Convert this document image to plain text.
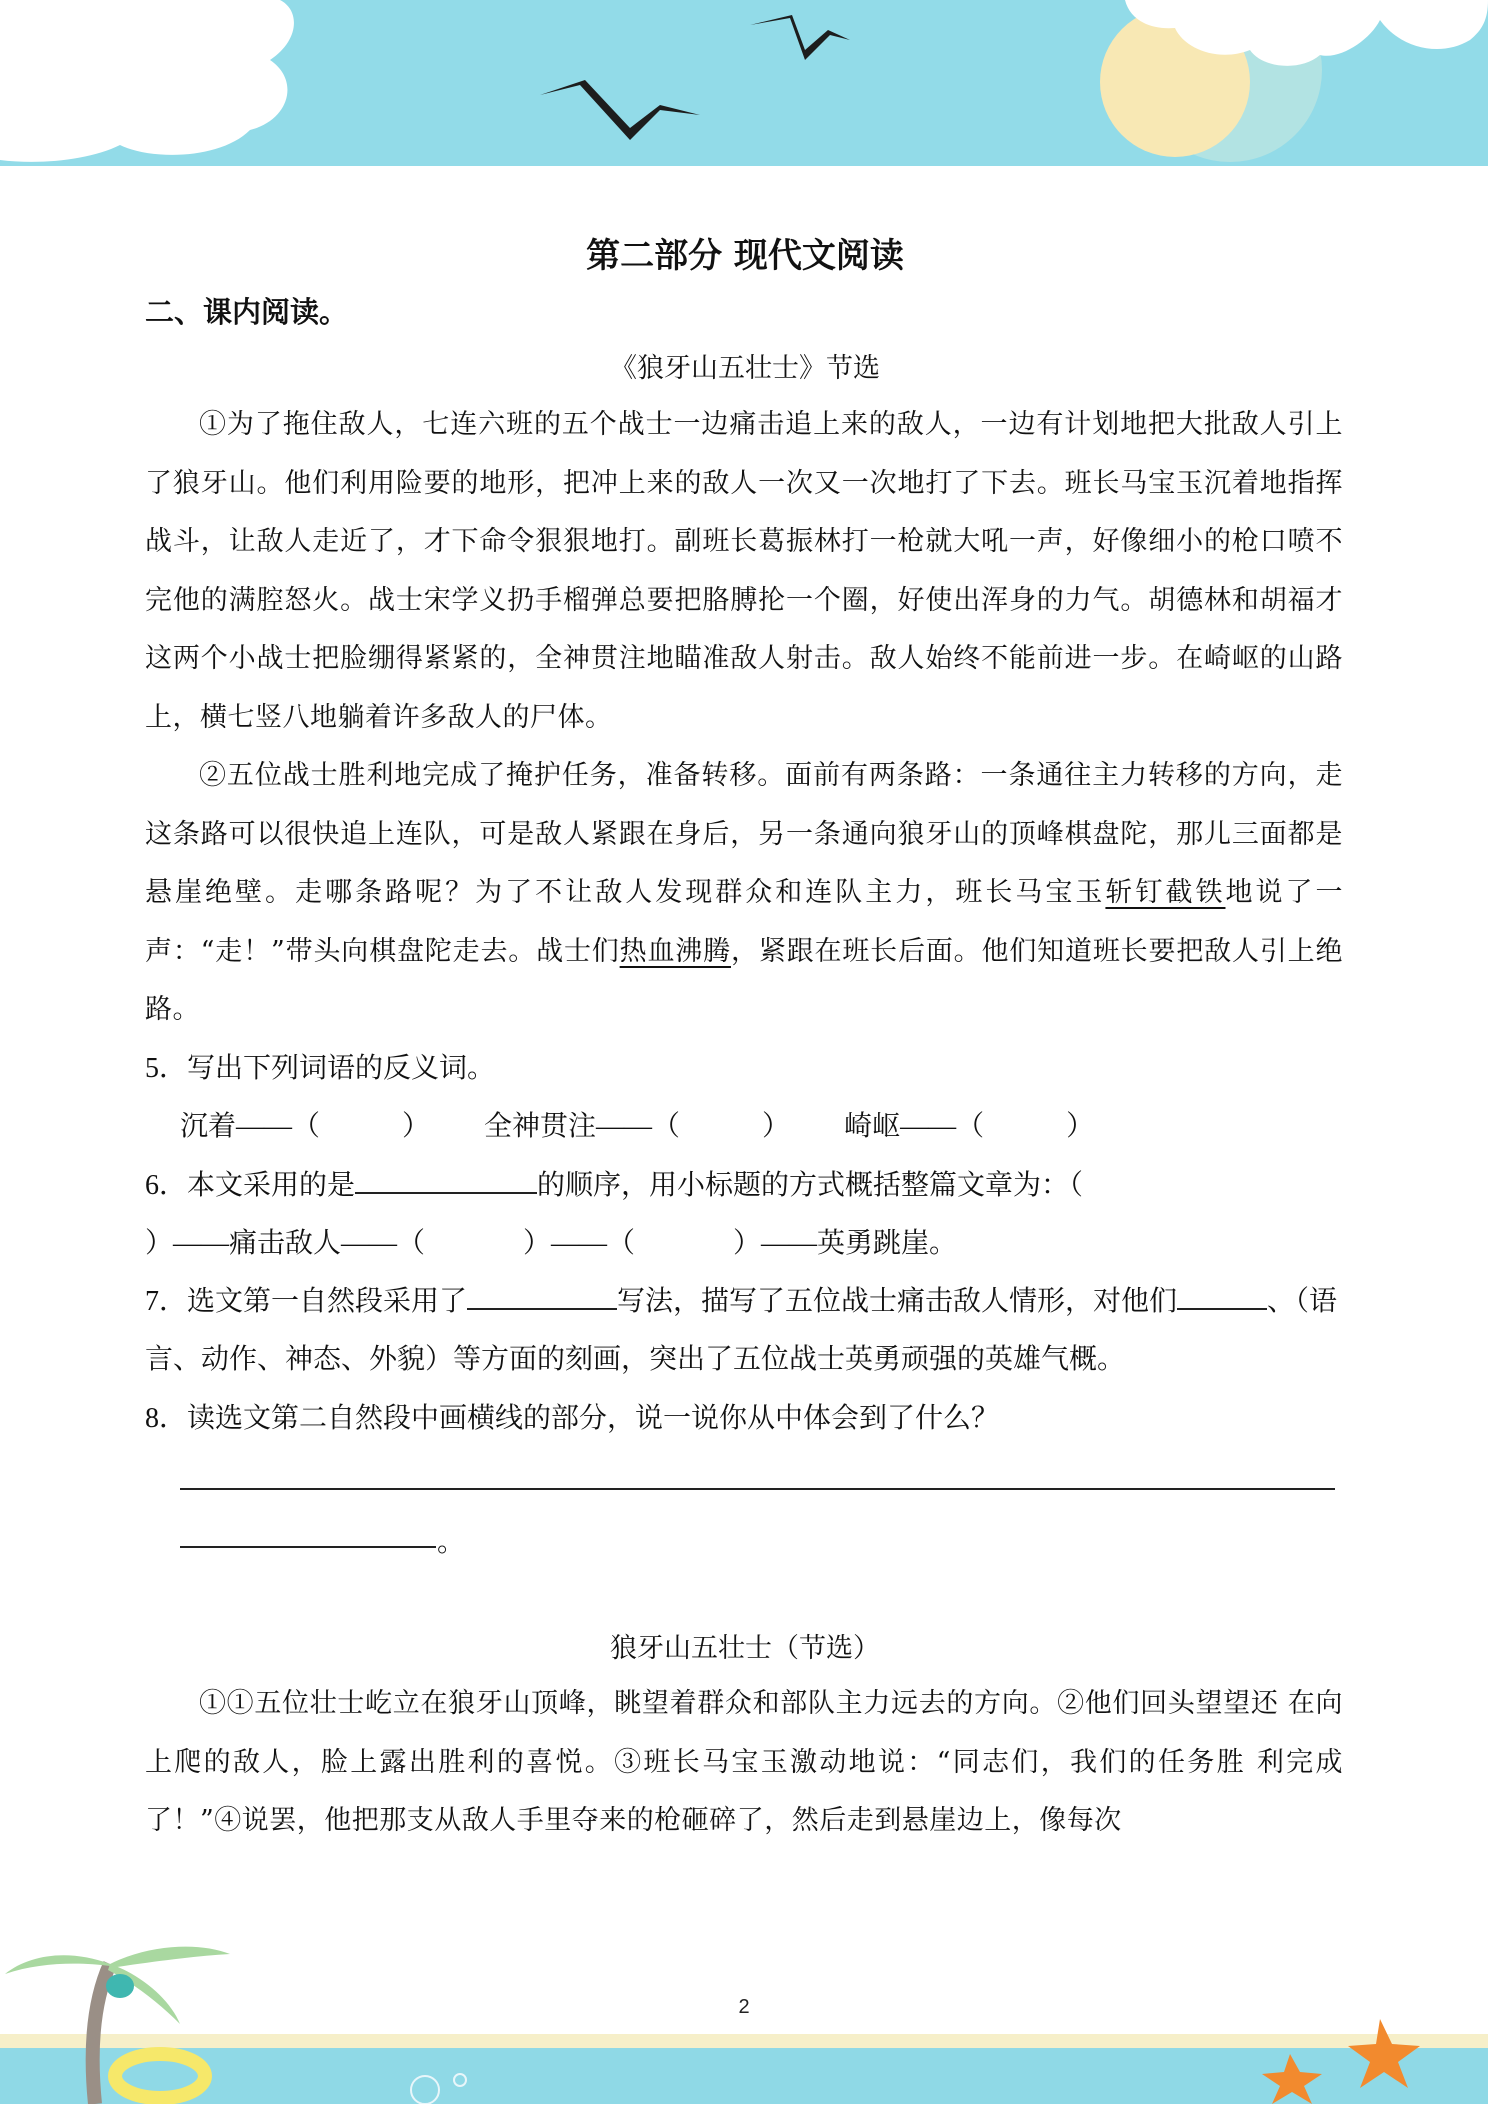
第二部分 现代文阅读
二、课内阅读。
《狼牙山五壮士》节选
①为了拖住敌人，七连六班的五个战士一边痛击追上来的敌人，一边有计划地把大批敌人引上了狼牙山。他们利用险要的地形，把冲上来的敌人一次又一次地打了下去。班长马宝玉沉着地指挥战斗，让敌人走近了，才下命令狠狠地打。副班长葛振林打一枪就大吼一声，好像细小的枪口喷不完他的满腔怒火。战士宋学义扔手榴弹总要把胳膊抡一个圈，好使出浑身的力气。胡德林和胡福才这两个小战士把脸绷得紧紧的，全神贯注地瞄准敌人射击。敌人始终不能前进一步。在崎岖的山路上，横七竖八地躺着许多敌人的尸体。
②五位战士胜利地完成了掩护任务，准备转移。面前有两条路：一条通往主力转移的方向，走这条路可以很快追上连队，可是敌人紧跟在身后，另一条通向狼牙山的顶峰棋盘陀，那儿三面都是悬崖绝壁。走哪条路呢？为了不让敌人发现群众和连队主力，班长马宝玉斩钉截铁地说了一声：“走！”带头向棋盘陀走去。战士们热血沸腾，紧跟在班长后面。他们知道班长要把敌人引上绝路。
5．写出下列词语的反义词。
沉着——（	） 全神贯注——（	） 崎岖——（	）
6．本文采用的是	的顺序，用小标题的方式概括整篇文章为：（）——痛击敌人——（	）——（	）——英勇跳崖。
7．选文第一自然段采用了	写法，描写了五位战士痛击敌人情形，对他们	、（语言、动作、神态、外貌）等方面的刻画，突出了五位战士英勇顽强的英雄气概。
8．读选文第二自然段中画横线的部分，说一说你从中体会到了什么？
。
狼牙山五壮士（节选）
①①五位壮士屹立在狼牙山顶峰，眺望着群众和部队主力远去的方向。②他们回头望望还 在向上爬的敌人，脸上露出胜利的喜悦。③班长马宝玉激动地说：“同志们，我们的任务胜 利完成了！”④说罢，他把那支从敌人手里夺来的枪砸碎了，然后走到悬崖边上，像每次
2
